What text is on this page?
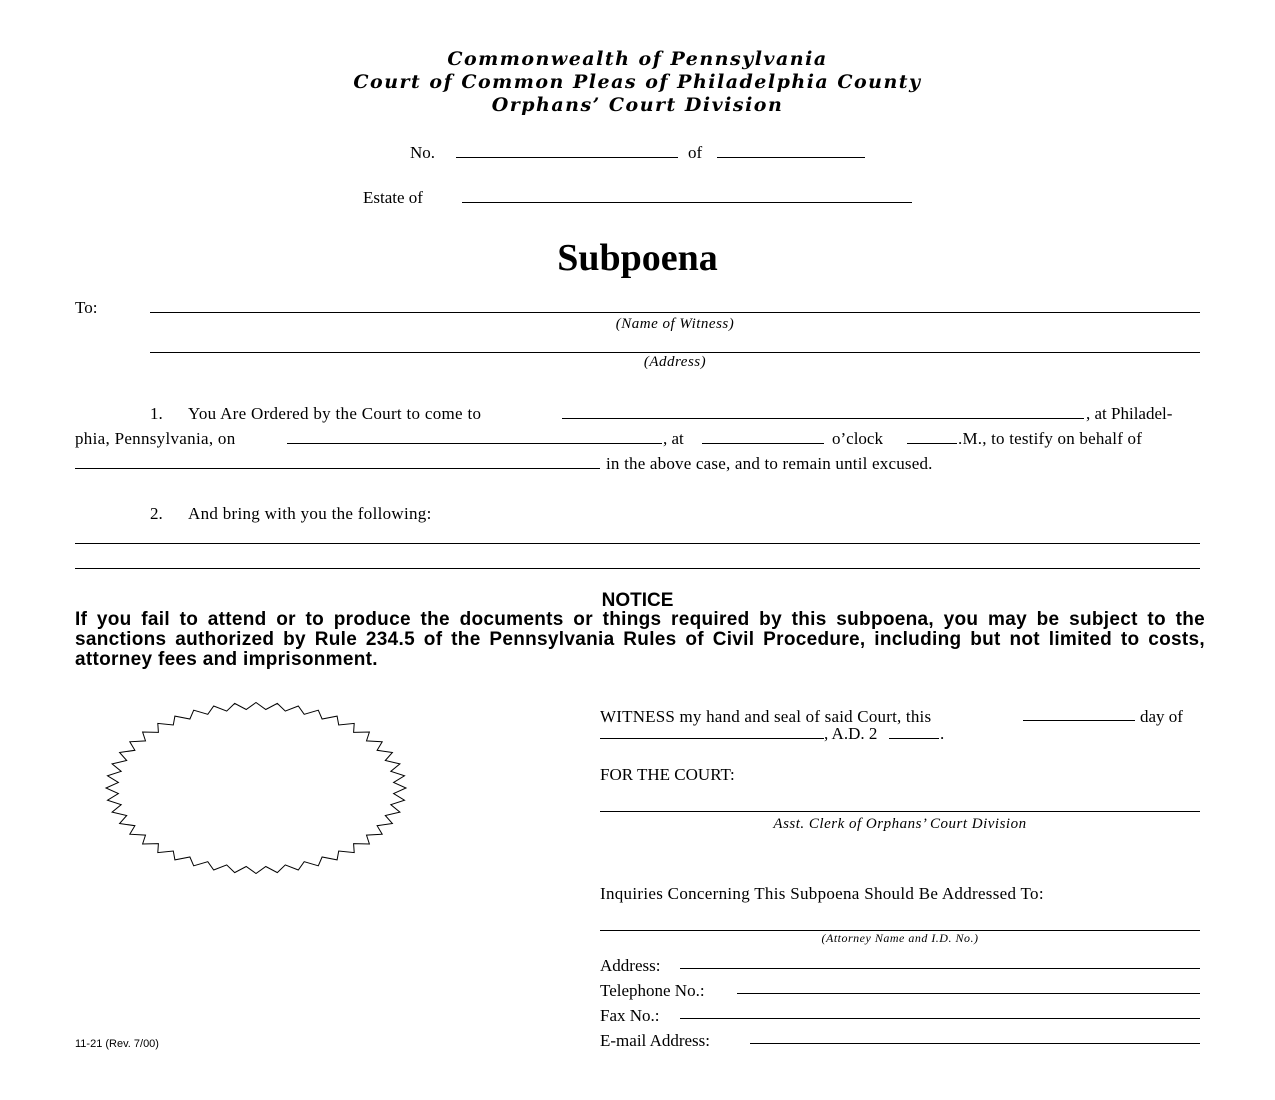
Commonwealth of Pennsylvania
Court of Common Pleas of Philadelphia County
Orphans’ Court Division
No.	of
Estate of
Subpoena
To:
(Name of Witness)
(Address)
1. You Are Ordered by the Court to come to	, at Philadel-
phia, Pennsylvania, on	, at	o’clock	.M., to testify on behalf of
in the above case, and to remain until excused.
2. And bring with you the following:
NOTICE
If you fail to attend or to produce the documents or things required by this subpoena, you may be subject to the sanctions authorized by Rule 234.5 of the Pennsylvania Rules of Civil Procedure, including but not limited to costs, attorney fees and imprisonment.
WITNESS my hand and seal of said Court, this	day of
, A.D. 2	.
FOR THE COURT:
Asst. Clerk of Orphans’ Court Division
Inquiries Concerning This Subpoena Should Be Addressed To:
(Attorney Name and I.D. No.)
Address:
Telephone No.:
Fax No.:
E-mail Address:
11-21 (Rev. 7/00)
